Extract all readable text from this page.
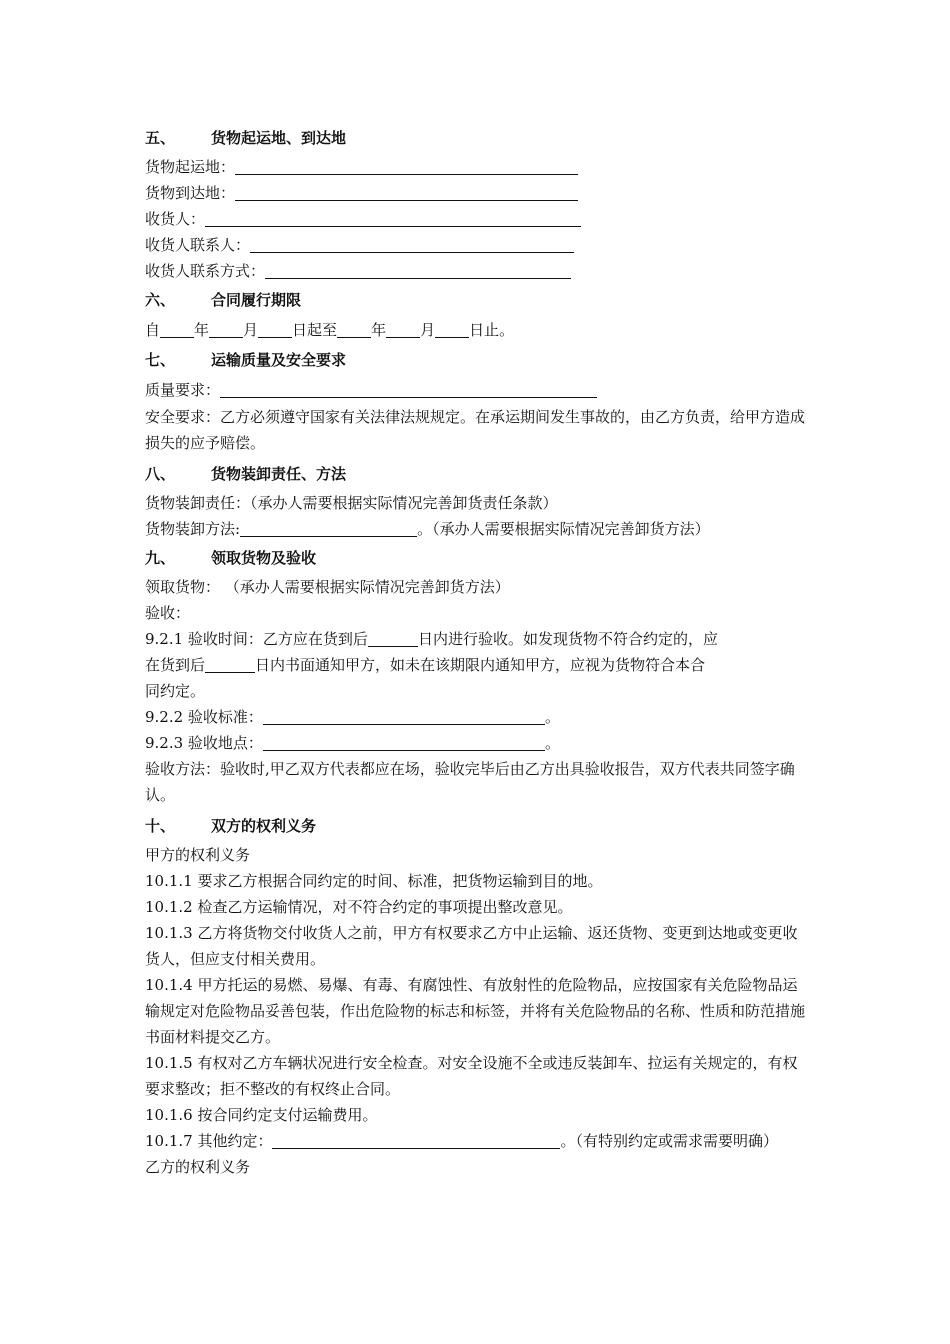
五、 货物起运地、到达地
货物起运地：
货物到达地：
收货人：
收货人联系人：
收货人联系方式：
六、 合同履行期限
自 年 月 日起至 年 月 日止。
七、 运输质量及安全要求
质量要求：
安全要求：乙方必须遵守国家有关法律法规规定。在承运期间发生事故的，由乙方负责，给甲方造成损失的应予赔偿。
八、 货物装卸责任、方法
货物装卸责任：（承办人需要根据实际情况完善卸货责任条款）
货物装卸方法:	。（承办人需要根据实际情况完善卸货方法）
九、 领取货物及验收
领取货物： （承办人需要根据实际情况完善卸货方法）
验收：
9.2.1 验收时间：乙方应在货到后	日内进行验收。如发现货物不符合约定的，应
在货到后	日内书面通知甲方，如未在该期限内通知甲方，应视为货物符合本合
同约定。
9.2.2 验收标准：	。
9.2.3 验收地点：	。
验收方法：验收时,甲乙双方代表都应在场，验收完毕后由乙方出具验收报告，双方代表共同签字确认。
十、 双方的权利义务
甲方的权利义务
10.1.1 要求乙方根据合同约定的时间、标准，把货物运输到目的地。
10.1.2 检查乙方运输情况，对不符合约定的事项提出整改意见。
10.1.3 乙方将货物交付收货人之前，甲方有权要求乙方中止运输、返还货物、变更到达地或变更收货人，但应支付相关费用。
10.1.4 甲方托运的易燃、易爆、有毒、有腐蚀性、有放射性的危险物品，应按国家有关危险物品运输规定对危险物品妥善包装，作出危险物的标志和标签，并将有关危险物品的名称、性质和防范措施书面材料提交乙方。
10.1.5 有权对乙方车辆状况进行安全检查。对安全设施不全或违反装卸车、拉运有关规定的，有权要求整改；拒不整改的有权终止合同。
10.1.6 按合同约定支付运输费用。
10.1.7 其他约定：	。（有特别约定或需求需要明确）
乙方的权利义务
